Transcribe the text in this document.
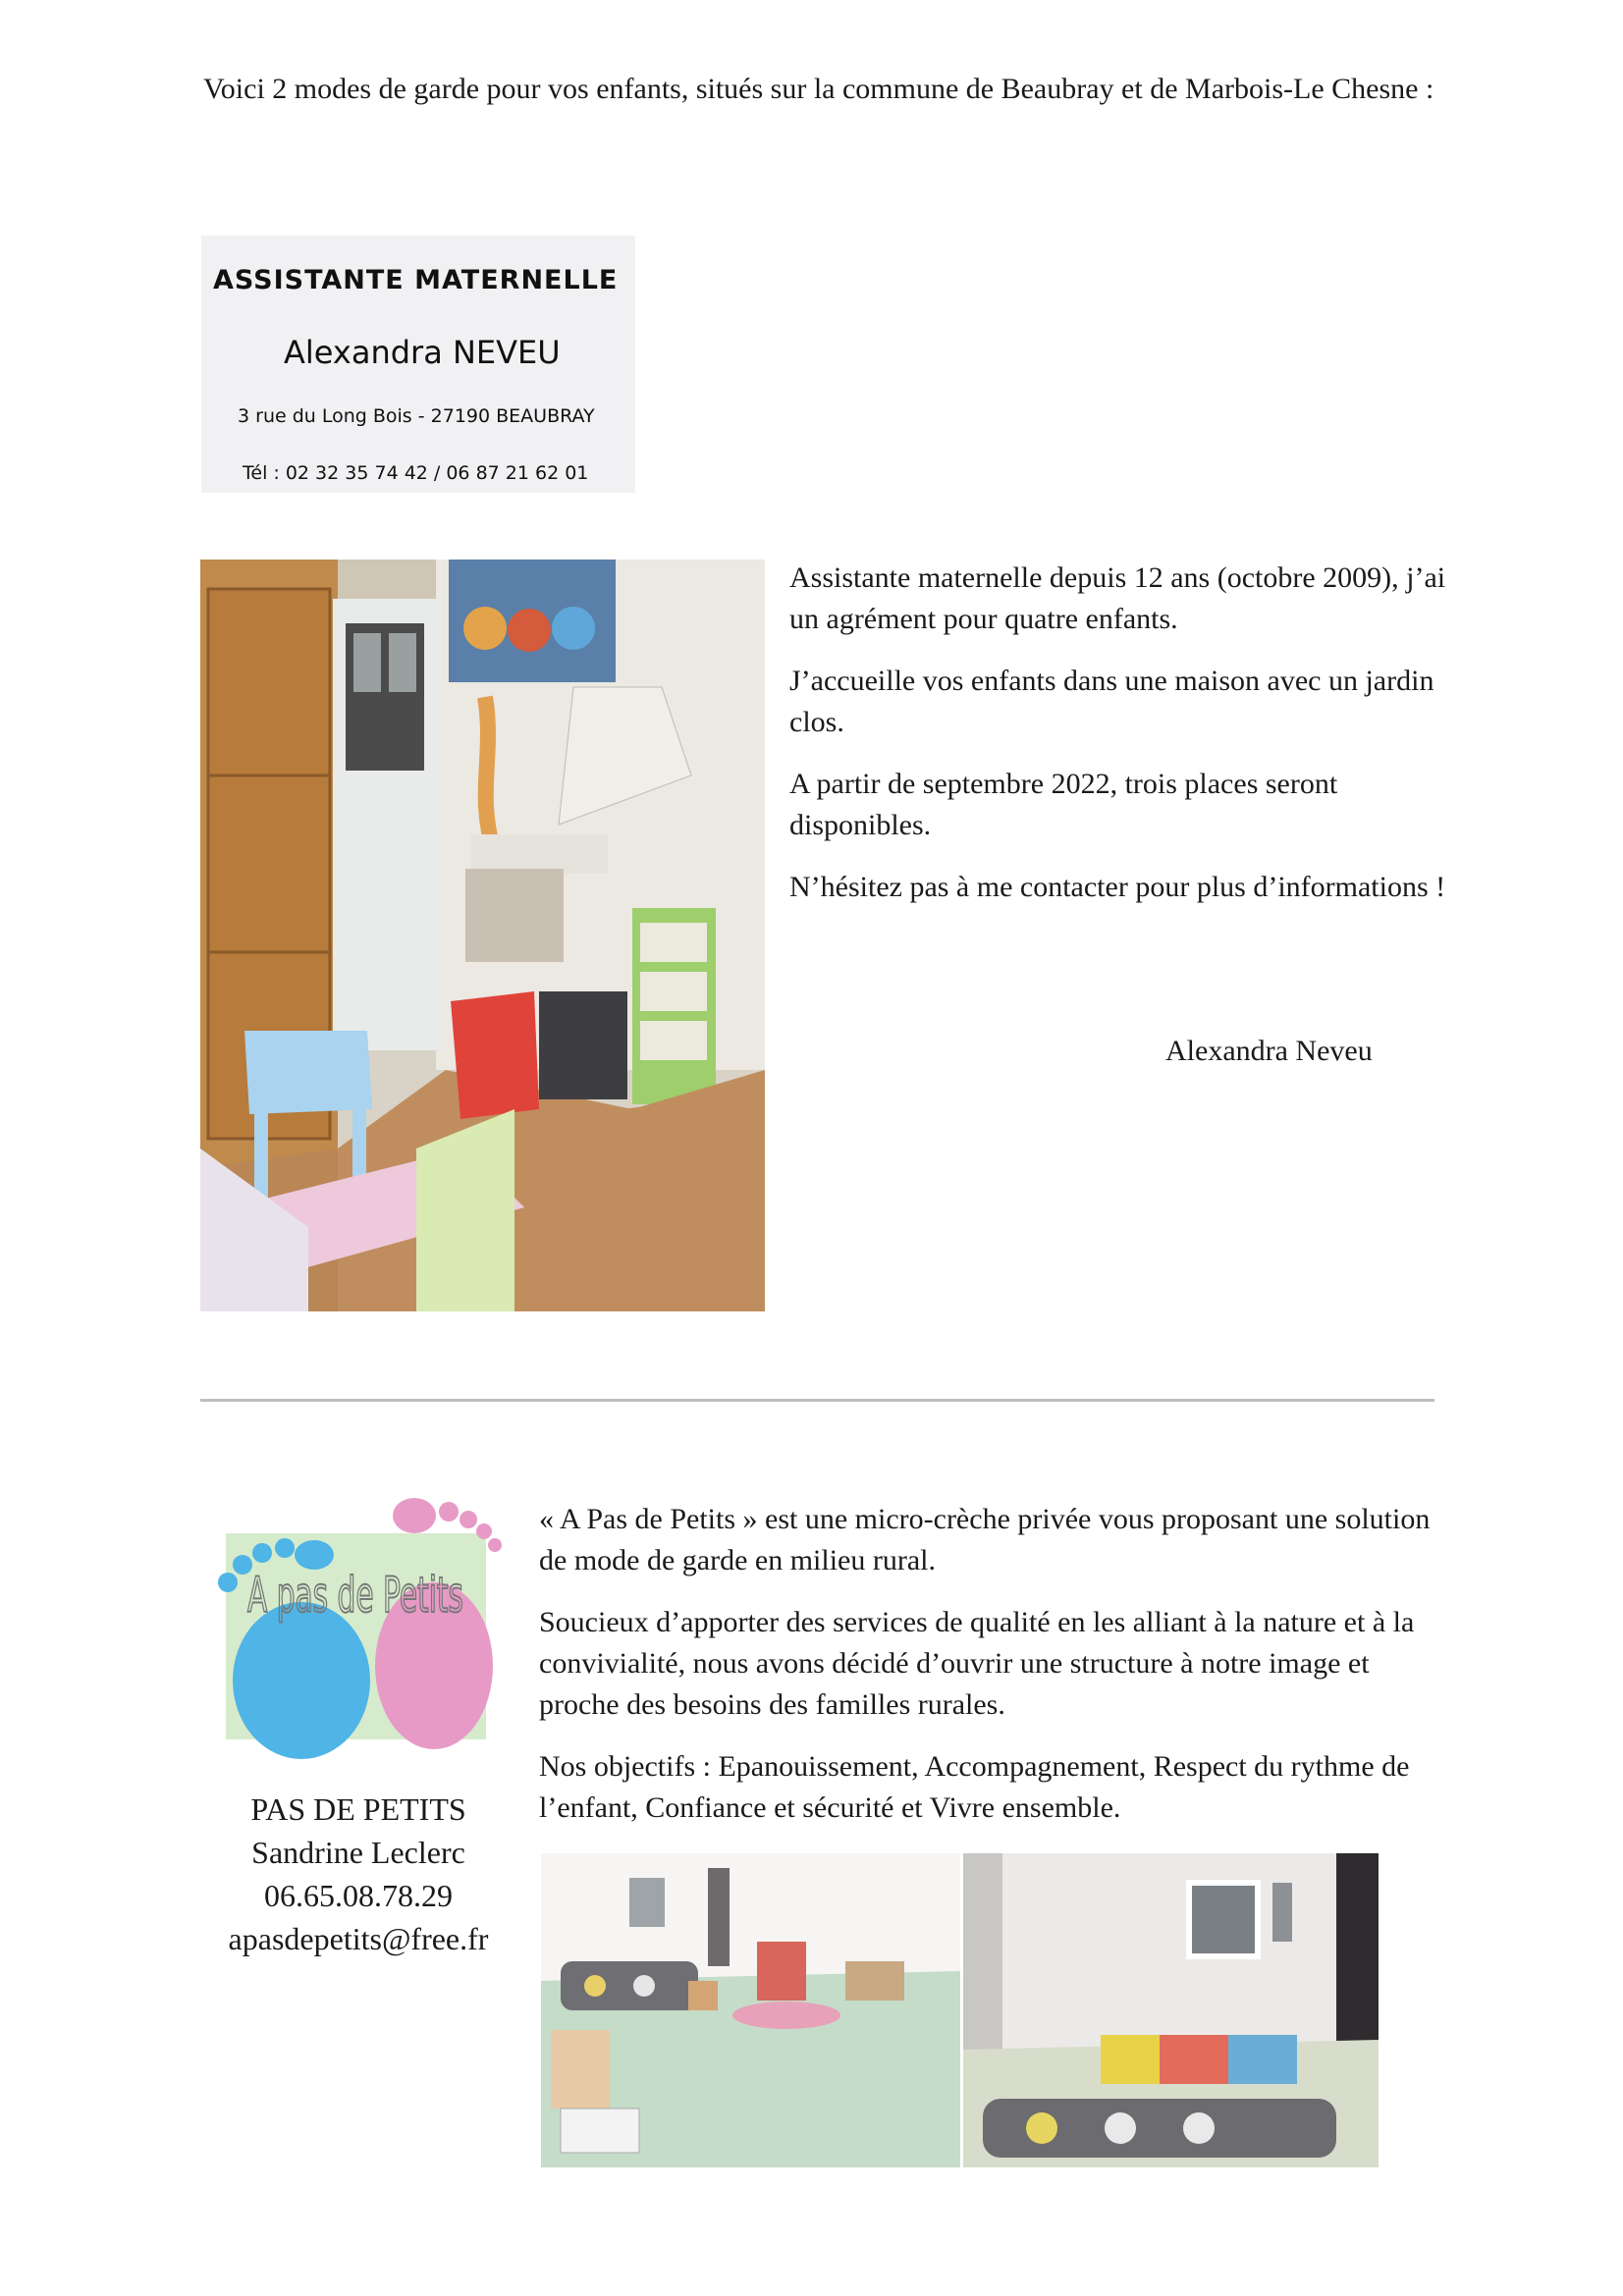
Voici 2 modes de garde pour vos enfants, situés sur la commune de Beaubray et de Marbois-Le Chesne :
ASSISTANTE MATERNELLE
Alexandra NEVEU
3 rue du Long Bois - 27190 BEAUBRAY
Tél : 02 32 35 74 42 / 06 87 21 62 01

Assistante maternelle depuis 12 ans (octobre 2009), j’ai un agrément pour quatre enfants.

J’accueille vos enfants dans une maison avec un jardin clos.

A partir de septembre 2022, trois places seront disponibles.

N’hésitez pas à me contacter pour plus d’informations !

Alexandra Neveu
A pas de Petits
PAS DE PETITS
Sandrine Leclerc
06.65.08.78.29
apasdepetits@free.fr

« A Pas de Petits » est une micro-crèche privée vous proposant une solution de mode de garde en milieu rural.

Soucieux d’apporter des services de qualité en les alliant à la nature et à la convivialité, nous avons décidé d’ouvrir une structure à notre image et proche des besoins des familles rurales.

Nos objectifs : Epanouissement, Accompagnement, Respect du rythme de l’enfant, Confiance et sécurité et Vivre ensemble.
